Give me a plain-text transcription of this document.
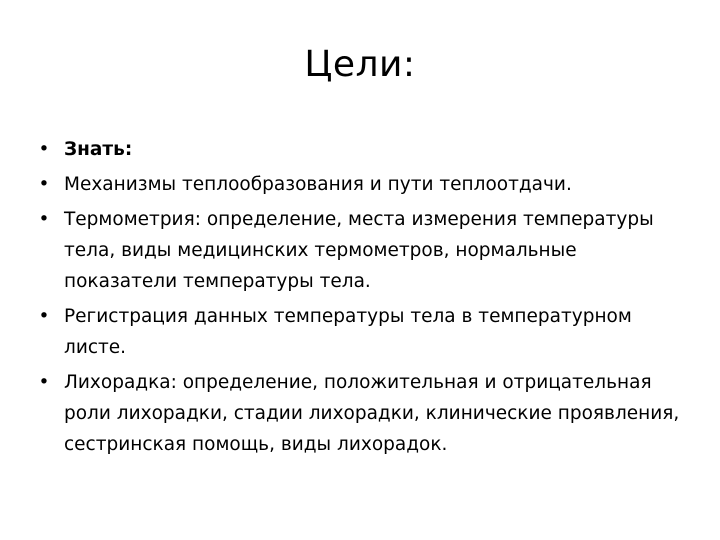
Цели:
• Знать:
• Механизмы теплообразования и пути теплоотдачи.
• Термометрия: определение, места измерения температуры тела, виды медицинских термометров, нормальные показатели температуры тела.
• Регистрация данных температуры тела в температурном листе.
• Лихорадка: определение, положительная и отрицательная роли лихорадки, стадии лихорадки, клинические проявления, сестринская помощь, виды лихорадок.
